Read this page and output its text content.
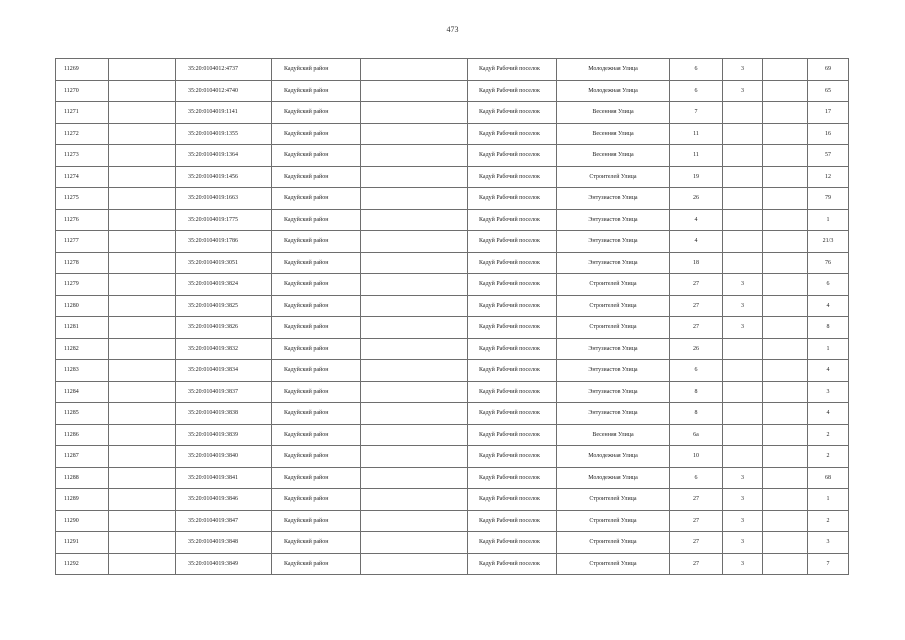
473
11269		35:20:0104012:4737	Кадуйский район		Кадуй Рабочий поселок	Молодежная Улица	6	3		69
11270		35:20:0104012:4740	Кадуйский район		Кадуй Рабочий поселок	Молодежная Улица	6	3		65
11271		35:20:0104019:1141	Кадуйский район		Кадуй Рабочий поселок	Весенняя Улица	7			17
11272		35:20:0104019:1355	Кадуйский район		Кадуй Рабочий поселок	Весенняя Улица	11			16
11273		35:20:0104019:1364	Кадуйский район		Кадуй Рабочий поселок	Весенняя Улица	11			57
11274		35:20:0104019:1456	Кадуйский район		Кадуй Рабочий поселок	Строителей Улица	19			12
11275		35:20:0104019:1663	Кадуйский район		Кадуй Рабочий поселок	Энтузиастов Улица	26			79
11276		35:20:0104019:1775	Кадуйский район		Кадуй Рабочий поселок	Энтузиастов Улица	4			1
11277		35:20:0104019:1786	Кадуйский район		Кадуй Рабочий поселок	Энтузиастов Улица	4			21/3
11278		35:20:0104019:3051	Кадуйский район		Кадуй Рабочий поселок	Энтузиастов Улица	18			76
11279		35:20:0104019:3824	Кадуйский район		Кадуй Рабочий поселок	Строителей Улица	27	3		6
11280		35:20:0104019:3825	Кадуйский район		Кадуй Рабочий поселок	Строителей Улица	27	3		4
11281		35:20:0104019:3826	Кадуйский район		Кадуй Рабочий поселок	Строителей Улица	27	3		8
11282		35:20:0104019:3832	Кадуйский район		Кадуй Рабочий поселок	Энтузиастов Улица	26			1
11283		35:20:0104019:3834	Кадуйский район		Кадуй Рабочий поселок	Энтузиастов Улица	6			4
11284		35:20:0104019:3837	Кадуйский район		Кадуй Рабочий поселок	Энтузиастов Улица	8			3
11285		35:20:0104019:3838	Кадуйский район		Кадуй Рабочий поселок	Энтузиастов Улица	8			4
11286		35:20:0104019:3839	Кадуйский район		Кадуй Рабочий поселок	Весенняя Улица	6а			2
11287		35:20:0104019:3840	Кадуйский район		Кадуй Рабочий поселок	Молодежная Улица	10			2
11288		35:20:0104019:3841	Кадуйский район		Кадуй Рабочий поселок	Молодежная Улица	6	3		68
11289		35:20:0104019:3846	Кадуйский район		Кадуй Рабочий поселок	Строителей Улица	27	3		1
11290		35:20:0104019:3847	Кадуйский район		Кадуй Рабочий поселок	Строителей Улица	27	3		2
11291		35:20:0104019:3848	Кадуйский район		Кадуй Рабочий поселок	Строителей Улица	27	3		3
11292		35:20:0104019:3849	Кадуйский район		Кадуй Рабочий поселок	Строителей Улица	27	3		7
